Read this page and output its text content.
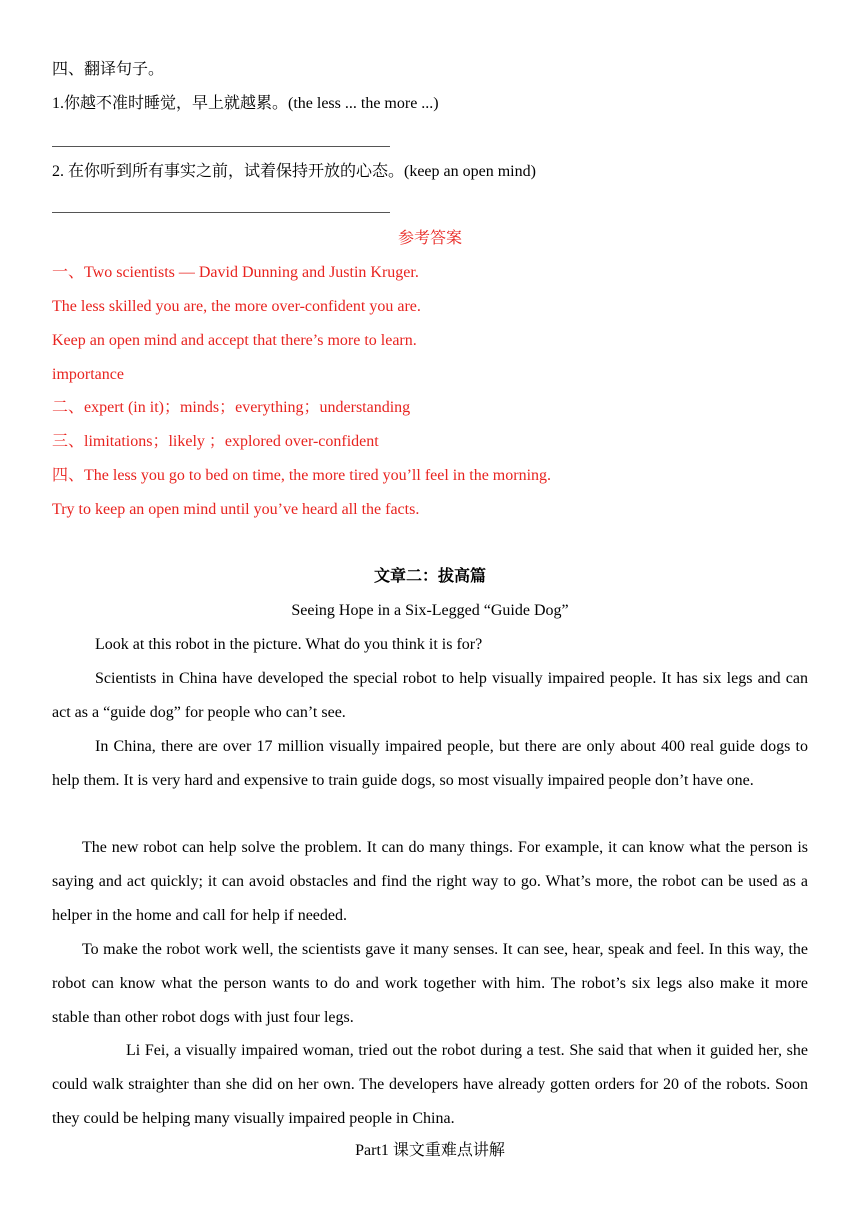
四、翻译句子。
1.你越不准时睡觉，早上就越累。(the less ... the more ...)
2. 在你听到所有事实之前，试着保持开放的心态。(keep an open mind)
参考答案
一、Two scientists — David Dunning and Justin Kruger.
The less skilled you are, the more over-confident you are.
Keep an open mind and accept that there’s more to learn.
importance
二、expert (in it)；minds；everything；understanding
三、limitations；likely ；explored over-confident
四、The less you go to bed on time, the more tired you’ll feel in the morning.
Try to keep an open mind until you’ve heard all the facts.
文章二：拔高篇
Seeing Hope in a Six-Legged “Guide Dog”

Look at this robot in the picture. What do you think it is for?

Scientists in China have developed the special robot to help visually impaired people. It has six legs and can act as a “guide dog” for people who can’t see.

In China, there are over 17 million visually impaired people, but there are only about 400 real guide dogs to help them. It is very hard and expensive to train guide dogs, so most visually impaired people don’t have one.

The new robot can help solve the problem. It can do many things. For example, it can know what the person is saying and act quickly; it can avoid obstacles and find the right way to go. What’s more, the robot can be used as a helper in the home and call for help if needed.

To make the robot work well, the scientists gave it many senses. It can see, hear, speak and feel. In this way, the robot can know what the person wants to do and work together with him. The robot’s six legs also make it more stable than other robot dogs with just four legs.

Li Fei, a visually impaired woman, tried out the robot during a test. She said that when it guided her, she could walk straighter than she did on her own. The developers have already gotten orders for 20 of the robots. Soon they could be helping many visually impaired people in China.

Part1 课文重难点讲解
